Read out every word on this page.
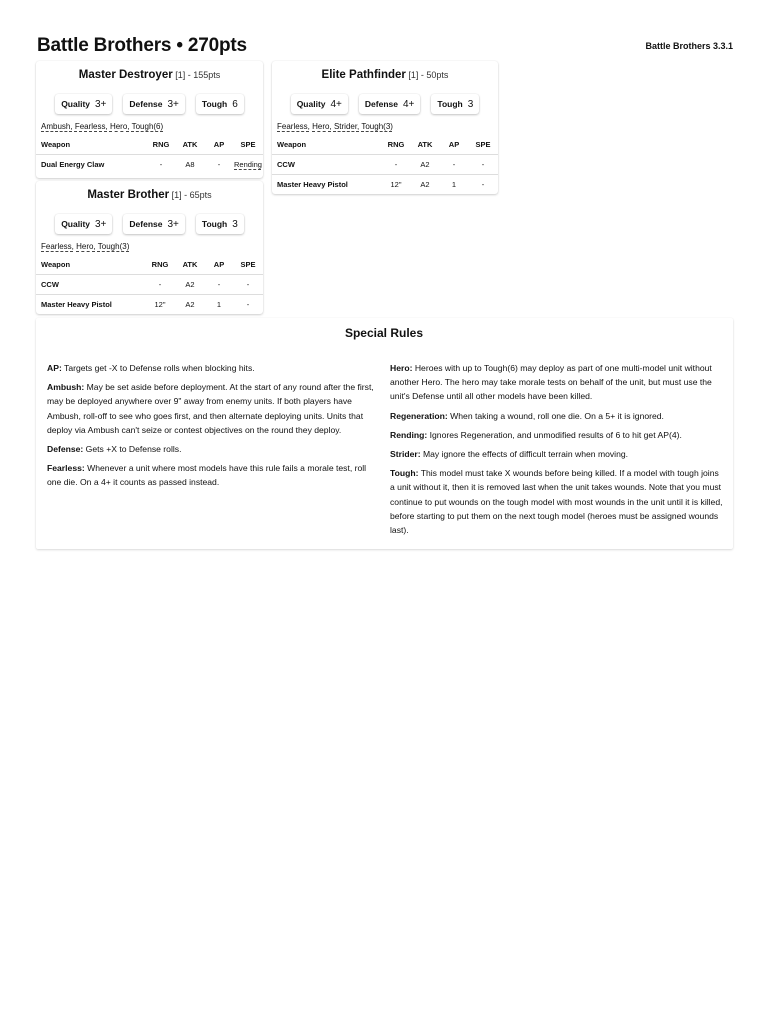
Battle Brothers • 270pts	Battle Brothers 3.3.1
Master Destroyer [1] - 155pts
Quality 3+	Defense 3+	Tough 6
Ambush, Fearless, Hero, Tough(6)
Weapon	RNG	ATK	AP	SPE
Dual Energy Claw	-	A8	-	Rending
Elite Pathfinder [1] - 50pts
Quality 4+	Defense 4+	Tough 3
Fearless, Hero, Strider, Tough(3)
Weapon	RNG	ATK	AP	SPE
CCW	-	A2	-	-
Master Heavy Pistol	12"	A2	1	-
Master Brother [1] - 65pts
Quality 3+	Defense 3+	Tough 3
Fearless, Hero, Tough(3)
Weapon	RNG	ATK	AP	SPE
CCW	-	A2	-	-
Master Heavy Pistol	12"	A2	1	-
Special Rules

AP: Targets get -X to Defense rolls when blocking hits.

Ambush: May be set aside before deployment. At the start of any round after the first, may be deployed anywhere over 9" away from enemy units. If both players have Ambush, roll-off to see who goes first, and then alternate deploying units. Units that deploy via Ambush can't seize or contest objectives on the round they deploy.

Defense: Gets +X to Defense rolls.

Fearless: Whenever a unit where most models have this rule fails a morale test, roll one die. On a 4+ it counts as passed instead.

Hero: Heroes with up to Tough(6) may deploy as part of one multi-model unit without another Hero. The hero may take morale tests on behalf of the unit, but must use the unit's Defense until all other models have been killed.

Regeneration: When taking a wound, roll one die. On a 5+ it is ignored.

Rending: Ignores Regeneration, and unmodified results of 6 to hit get AP(4).

Strider: May ignore the effects of difficult terrain when moving.

Tough: This model must take X wounds before being killed. If a model with tough joins a unit without it, then it is removed last when the unit takes wounds. Note that you must continue to put wounds on the tough model with most wounds in the unit until it is killed, before starting to put them on the next tough model (heroes must be assigned wounds last).
